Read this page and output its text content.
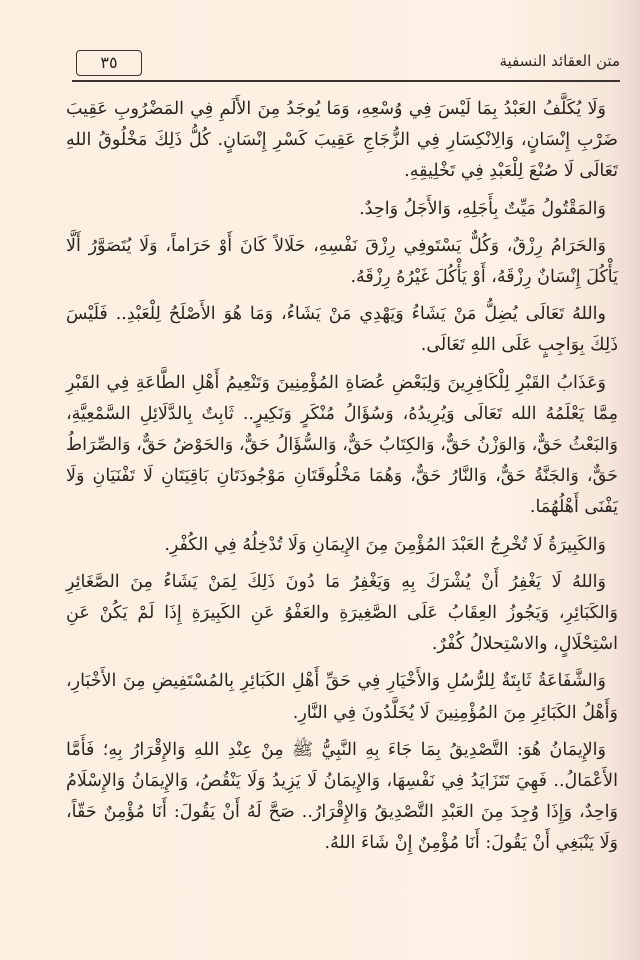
٣٥	متن العقائد النسفية

وَلَا يُكَلَّفُ العَبْدُ بِمَا لَيْسَ فِي وُسْعِهِ، وَمَا يُوجَدُ مِنَ الأَلَمِ فِي المَضْرُوبِ عَقِيبَ ضَرْبِ إِنْسَانٍ، وَالِانْكِسَارِ فِي الزُّجَاجِ عَقِيبَ كَسْرِ إِنْسَانٍ. كُلُّ ذَلِكَ مَخْلُوقُ اللهِ تَعَالَى لَا صُنْعَ لِلْعَبْدِ فِي تَخْلِيقِهِ.

وَالمَقْتُولُ مَيِّتٌ بِأَجَلِهِ، وَالأَجَلُ وَاحِدٌ.

وَالحَرَامُ رِزْقٌ، وَكُلٌّ يَسْتَوفِي رِزْقَ نَفْسِهِ، حَلَالاً كَانَ أَوْ حَرَاماً، وَلَا يُتَصَوَّرُ أَلَّا يَأْكُلَ إِنْسَانٌ رِزْقَهُ، أَوْ يَأْكُلَ غَيْرُهُ رِزْقَهُ.

واللهُ تَعَالَى يُضِلُّ مَنْ يَشَاءُ وَيَهْدِي مَنْ يَشَاءُ، وَمَا هُوَ الأَصْلَحُ لِلْعَبْدِ.. فَلَيْسَ ذَلِكَ بِوَاجِبٍ عَلَى اللهِ تَعَالَى.

وَعَذَابُ القَبْرِ لِلْكَافِرِينَ وَلِبَعْضِ عُصَاةِ المُؤْمِنِينَ وَتَنْعِيمُ أَهْلِ الطَّاعَةِ فِي القَبْرِ مِمَّا يَعْلَمُهُ الله تَعَالَى وَيُرِيدُهُ، وَسُؤَالُ مُنْكَرٍ وَنَكِيرٍ.. ثَابِتٌ بِالدَّلَائِلِ السَّمْعِيَّةِ، وَالبَعْثُ حَقٌّ، وَالوَزْنُ حَقٌّ، وَالكِتَابُ حَقٌّ، وَالسُّؤَالُ حَقٌّ، وَالحَوْضُ حَقٌّ، وَالصِّرَاطُ حَقٌّ، وَالجَنَّةُ حَقٌّ، وَالنَّارُ حَقٌّ، وَهُمَا مَخْلُوقَتَانِ مَوْجُودَتَانِ بَاقِيَتَانِ لَا تَفْنَيَانِ وَلَا يَفْنَى أَهْلُهُمَا.

وَالكَبِيرَةُ لَا تُخْرِجُ العَبْدَ المُؤْمِنَ مِنَ الإِيمَانِ وَلَا تُدْخِلُهُ فِي الكُفْرِ.

وَاللهُ لَا يَغْفِرُ أَنْ يُشْرَكَ بِهِ وَيَغْفِرُ مَا دُونَ ذَلِكَ لِمَنْ يَشَاءُ مِنَ الصَّغَائِرِ وَالكَبَائِرِ، وَيَجُوزُ العِقَابُ عَلَى الصَّغِيرَةِ والعَفْوُ عَنِ الكَبِيرَةِ إِذَا لَمْ يَكُنْ عَنِ اسْتِحْلَالٍ، والاسْتِحلالُ كُفْرٌ.

وَالشَّفَاعَةُ ثَابِتَةٌ لِلرُّسُلِ وَالأَخْيَارِ فِي حَقِّ أَهْلِ الكَبَائِرِ بِالمُسْتَفِيضِ مِنَ الأَخْبَارِ، وَأَهْلُ الكَبَائِرِ مِنَ المُؤْمِنِينَ لَا يُخَلَّدُونَ فِي النَّارِ.

وَالإِيمَانُ هُوَ: التَّصْدِيقُ بِمَا جَاءَ بِهِ النَّبِيُّ ﷺ مِنْ عِنْدِ اللهِ وَالإِقْرَارُ بِهِ؛ فَأَمَّا الأَعْمَالُ.. فَهِيَ تَتَزَايَدُ فِي نَفْسِهَا، وَالإِيمَانُ لَا يَزِيدُ وَلَا يَنْقُصُ، وَالإِيمَانُ وَالإِسْلَامُ وَاحِدٌ، وَإِذَا وُجِدَ مِنَ العَبْدِ التَّصْدِيقُ وَالإِقْرَارُ.. صَحَّ لَهُ أَنْ يَقُولَ: أَنَا مُؤْمِنٌ حَقّاً، وَلَا يَنْبَغِي أَنْ يَقُولَ: أَنَا مُؤْمِنٌ إِنْ شَاءَ اللهُ.
